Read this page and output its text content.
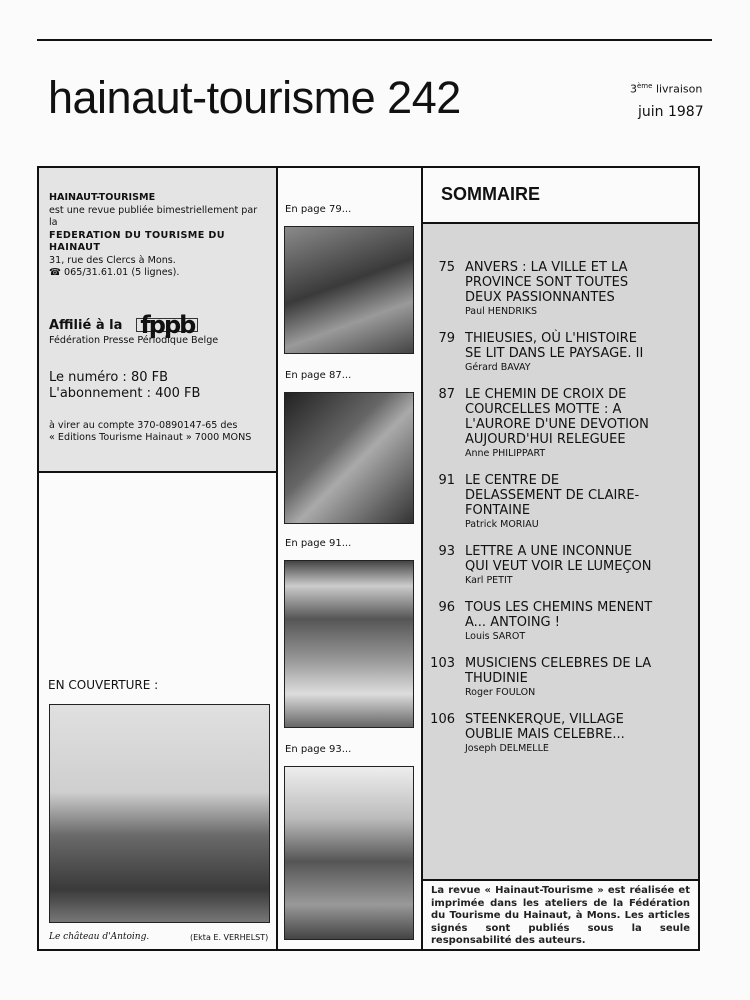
hainaut-tourisme 242	3ème livraison
juin 1987
HAINAUT-TOURISME
est une revue publiée bimestriellement par la
FEDERATION DU TOURISME DU HAINAUT
31, rue des Clercs à Mons.
☎ 065/31.61.01 (5 lignes).
Affilié à la fppb
Fédération Presse Périodique Belge
Le numéro : 80 FB
L'abonnement : 400 FB
à virer au compte 370-0890147-65 des
« Editions Tourisme Hainaut » 7000 MONS
EN COUVERTURE :
Le château d'Antoing.	(Ekta E. VERHELST)
En page 79...
En page 87...
En page 91...
En page 93...
SOMMAIRE
75 ANVERS : LA VILLE ET LA PROVINCE SONT TOUTES DEUX PASSIONNANTES
Paul HENDRIKS
79 THIEUSIES, OÙ L'HISTOIRE SE LIT DANS LE PAYSAGE. II
Gérard BAVAY
87 LE CHEMIN DE CROIX DE COURCELLES MOTTE : A L'AURORE D'UNE DEVOTION AUJOURD'HUI RELEGUEE
Anne PHILIPPART
91 LE CENTRE DE DELASSEMENT DE CLAIRE-FONTAINE
Patrick MORIAU
93 LETTRE A UNE INCONNUE QUI VEUT VOIR LE LUMEÇON
Karl PETIT
96 TOUS LES CHEMINS MENENT A... ANTOING !
Louis SAROT
103 MUSICIENS CELEBRES DE LA THUDINIE
Roger FOULON
106 STEENKERQUE, VILLAGE OUBLIE MAIS CELEBRE...
Joseph DELMELLE
La revue « Hainaut-Tourisme » est réalisée et imprimée dans les ateliers de la Fédération du Tourisme du Hainaut, à Mons. Les articles signés sont publiés sous la seule responsabilité des auteurs.
